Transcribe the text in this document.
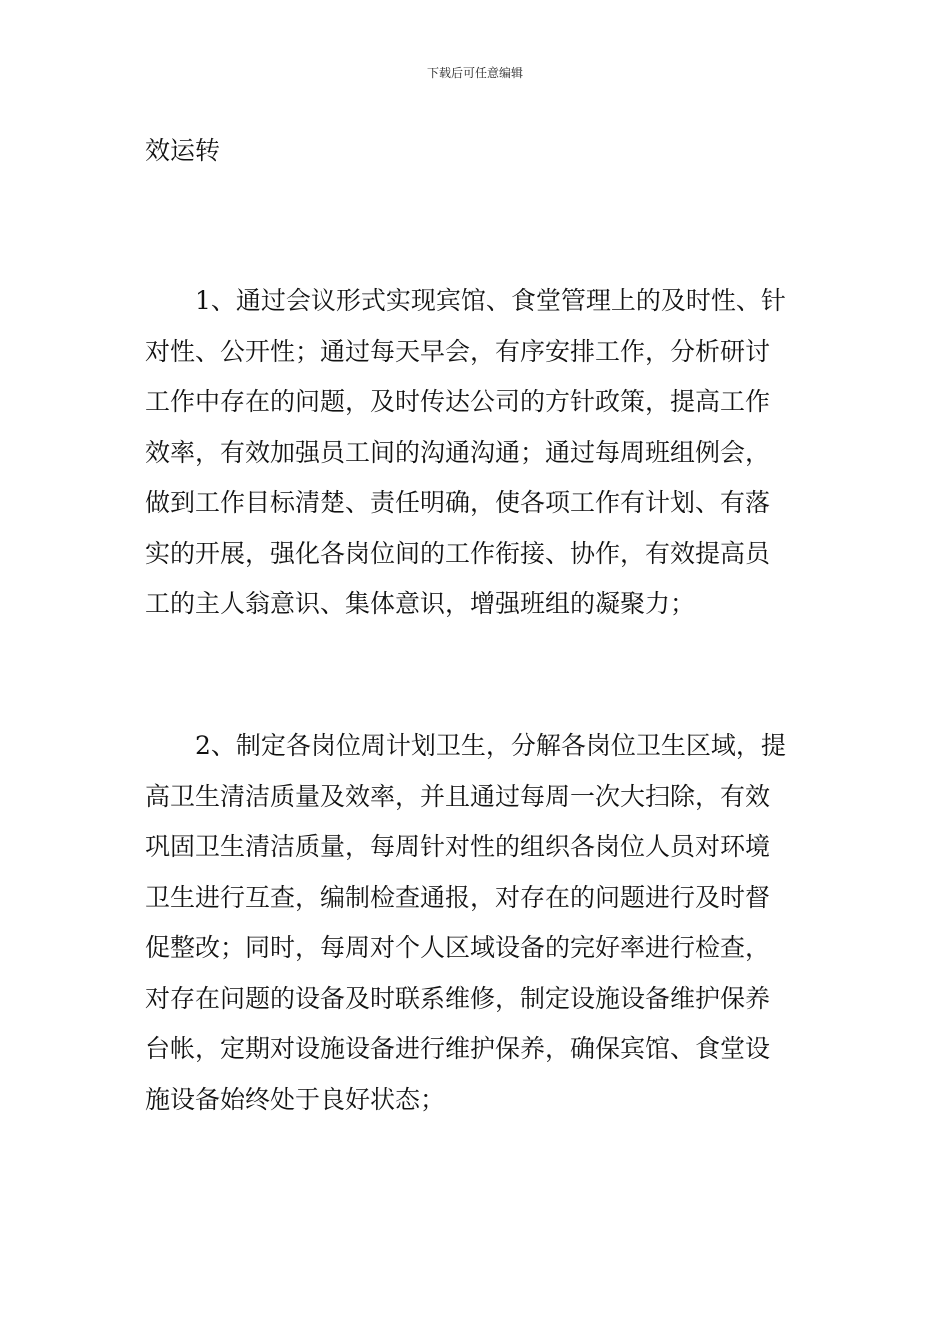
下载后可任意编辑
效运转
1、通过会议形式实现宾馆、食堂管理上的及时性、针
对性、公开性；通过每天早会，有序安排工作，分析研讨
工作中存在的问题，及时传达公司的方针政策，提高工作
效率，有效加强员工间的沟通沟通；通过每周班组例会，
做到工作目标清楚、责任明确，使各项工作有计划、有落
实的开展，强化各岗位间的工作衔接、协作，有效提高员
工的主人翁意识、集体意识，增强班组的凝聚力；
2、制定各岗位周计划卫生，分解各岗位卫生区域，提
高卫生清洁质量及效率，并且通过每周一次大扫除，有效
巩固卫生清洁质量，每周针对性的组织各岗位人员对环境
卫生进行互查，编制检查通报，对存在的问题进行及时督
促整改；同时，每周对个人区域设备的完好率进行检查，
对存在问题的设备及时联系维修，制定设施设备维护保养
台帐，定期对设施设备进行维护保养，确保宾馆、食堂设
施设备始终处于良好状态；
